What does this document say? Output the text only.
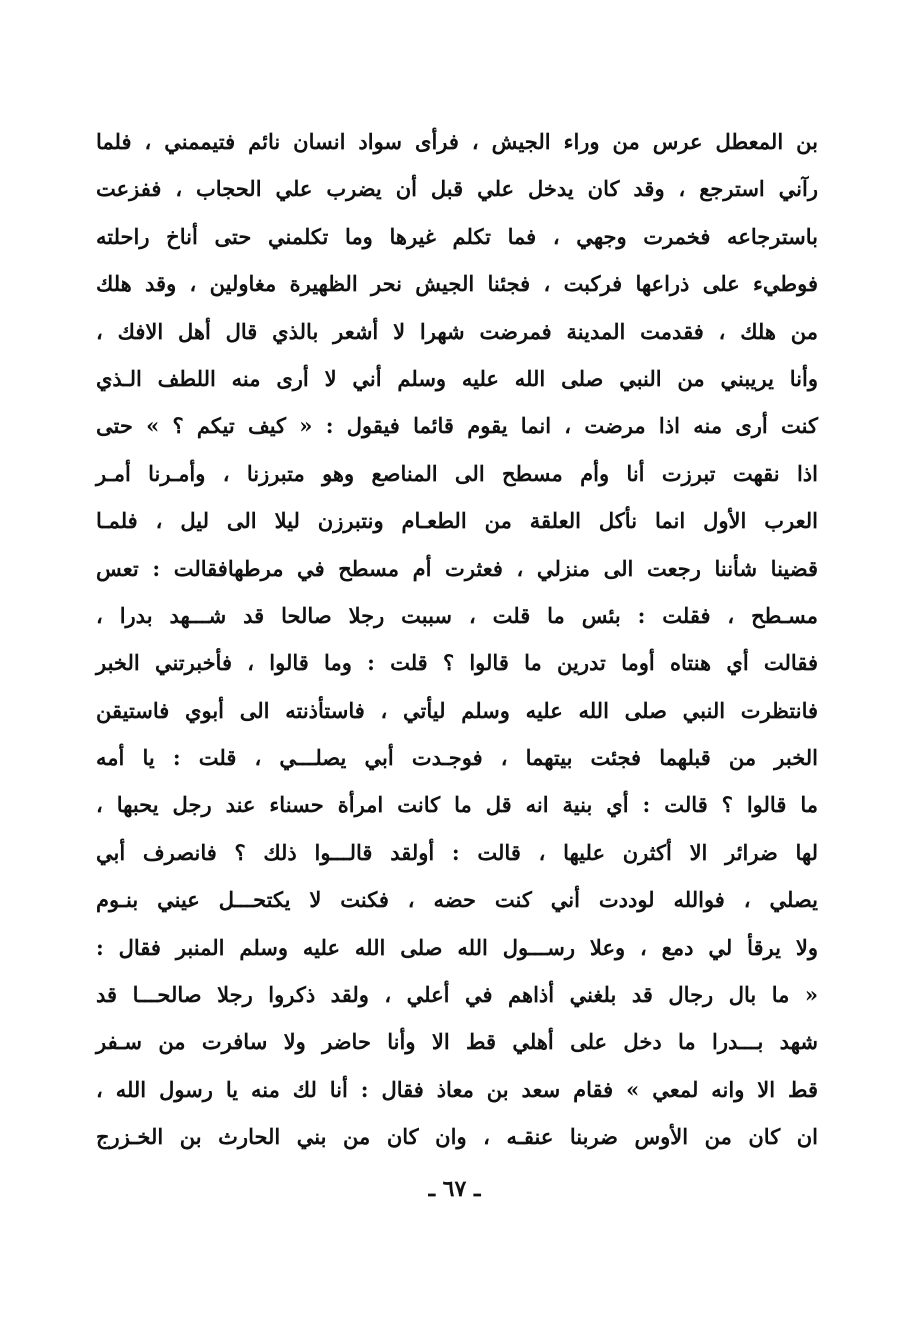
بن المعطل عرس من وراء الجيش ، فرأى سواد انسان نائم فتيممني ، فلما
رآني استرجع ، وقد كان يدخل علي قبل أن يضرب علي الحجاب ، ففزعت
باسترجاعه فخمرت وجهي ، فما تكلم غيرها وما تكلمني حتى أناخ راحلته
فوطيء على ذراعها فركبت ، فجئنا الجيش نحر الظهيرة مغاولين ، وقد هلك
من هلك ، فقدمت المدينة فمرضت شهرا لا أشعر بالذي قال أهل الافك ،
وأنا يريبني من النبي صلى الله عليه وسلم أني لا أرى منه اللطف الـذي
كنت أرى منه اذا مرضت ، انما يقوم قائما فيقول : « كيف تيكم ؟ » حتى
اذا نقهت تبرزت أنا وأم مسطح الى المناصع وهو متبرزنا ، وأمـرنا أمـر
العرب الأول انما نأكل العلقة من الطعـام ونتبرزن ليلا الى ليل ، فلمـا
قضينا شأننا رجعت الى منزلي ، فعثرت أم مسطح في مرطهافقالت : تعس
مسـطح ، فقلت : بئس ما قلت ، سببت رجلا صالحا قد شـــهد بدرا ،
فقالت أي هنتاه أوما تدرين ما قالوا ؟ قلت : وما قالوا ، فأخبرتني الخبر
فانتظرت النبي صلى الله عليه وسلم ليأتي ، فاستأذنته الى أبوي فاستيقن
الخبر من قبلهما فجئت بيتهما ، فوجـدت أبي يصلـــي ، قلت : يا أمه
ما قالوا ؟ قالت : أي بنية انه قل ما كانت امرأة حسناء عند رجل يحبها ،
لها ضرائر الا أكثرن عليها ، قالت : أولقد قالـــوا ذلك ؟ فانصرف أبي
يصلي ، فوالله لوددت أني كنت حضه ، فكنت لا يكتحـــل عيني بنـوم
ولا يرقأ لي دمع ، وعلا رســـول الله صلى الله عليه وسلم المنبر فقال :
« ما بال رجال قد بلغني أذاهم في أعلي ، ولقد ذكروا رجلا صالحـــا قد
شهد بـــدرا ما دخل على أهلي قط الا وأنا حاضر ولا سافرت من سـفر
قط الا وانه لمعي » فقام سعد بن معاذ فقال : أنا لك منه يا رسول الله ،
ان كان من الأوس ضربنا عنقـه ، وان كان من بني الحارث بن الخـزرج
ـ ٦٧ ـ
